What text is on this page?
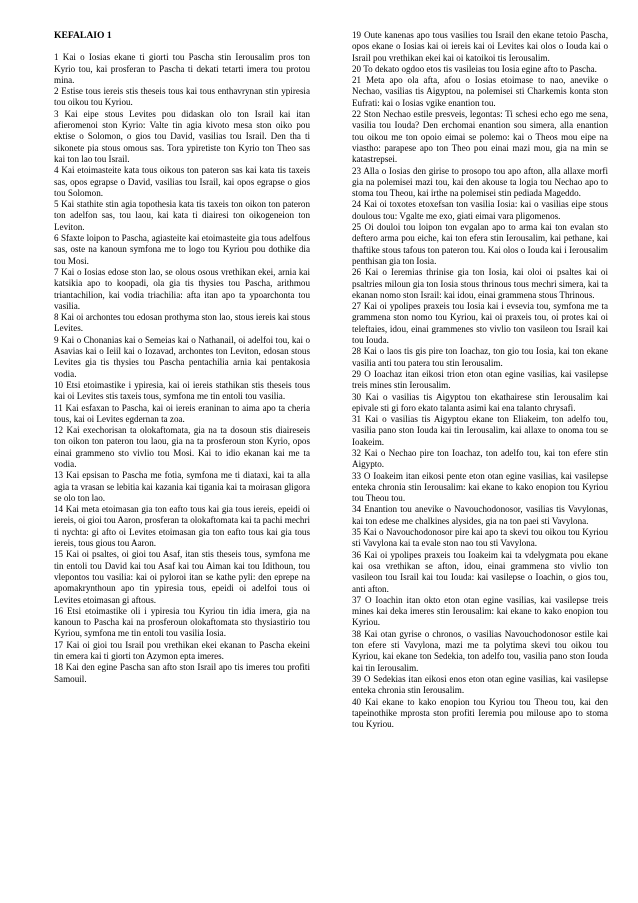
KEFALAIO 1

1 Kai o Iosias ekane ti giorti tou Pascha stin Ierousalim pros ton Kyrio tou, kai prosferan to Pascha ti dekati tetarti imera tou protou mina.

2 Estise tous iereis stis theseis tous kai tous enthavrynan stin ypiresia tou oikou tou Kyriou.

3 Kai eipe stous Levites pou didaskan olo ton Israil kai itan afieromenoi ston Kyrio: Valte tin agia kivoto mesa ston oiko pou ektise o Solomon, o gios tou David, vasilias tou Israil. Den tha ti sikonete pia stous omous sas. Tora ypiretiste ton Kyrio ton Theo sas kai ton lao tou Israil.

4 Kai etoimasteite kata tous oikous ton pateron sas kai kata tis taxeis sas, opos egrapse o David, vasilias tou Israil, kai opos egrapse o gios tou Solomon.

5 Kai stathite stin agia topothesia kata tis taxeis ton oikon ton pateron ton adelfon sas, tou laou, kai kata ti diairesi ton oikogeneion ton Leviton.

6 Sfaxte loipon to Pascha, agiasteite kai etoimasteite gia tous adelfous sas, oste na kanoun symfona me to logo tou Kyriou pou dothike dia tou Mosi.

7 Kai o Iosias edose ston lao, se olous osous vrethikan ekei, arnia kai katsikia apo to koopadi, ola gia tis thysies tou Pascha, arithmou triantachilion, kai vodia triachilia: afta itan apo ta ypoarchonta tou vasilia.

8 Kai oi archontes tou edosan prothyma ston lao, stous iereis kai stous Levites.

9 Kai o Chonanias kai o Semeias kai o Nathanail, oi adelfoi tou, kai o Asavias kai o Ieiil kai o Iozavad, archontes ton Leviton, edosan stous Levites gia tis thysies tou Pascha pentachilia arnia kai pentakosia vodia.

10 Etsi etoimastike i ypiresia, kai oi iereis stathikan stis theseis tous kai oi Levites stis taxeis tous, symfona me tin entoli tou vasilia.

11 Kai esfaxan to Pascha, kai oi iereis eraninan to aima apo ta cheria tous, kai oi Levites egdernan ta zoa.

12 Kai exechorisan ta olokaftomata, gia na ta dosoun stis diaireseis ton oikon ton pateron tou laou, gia na ta prosferoun ston Kyrio, opos einai grammeno sto vivlio tou Mosi. Kai to idio ekanan kai me ta vodia.

13 Kai epsisan to Pascha me fotia, symfona me ti diataxi, kai ta alla agia ta vrasan se lebitia kai kazania kai tigania kai ta moirasan gligora se olo ton lao.

14 Kai meta etoimasan gia ton eafto tous kai gia tous iereis, epeidi oi iereis, oi gioi tou Aaron, prosferan ta olokaftomata kai ta pachi mechri ti nychta: gi afto oi Levites etoimasan gia ton eafto tous kai gia tous iereis, tous giοus tou Aaron.

15 Kai oi psaltes, oi gioi tou Asaf, itan stis theseis tous, symfona me tin entoli tou David kai tou Asaf kai tou Aiman kai tou Idithoun, tou vlepontos tou vasilia: kai oi pyloroi itan se kathe pyli: den eprepe na apomakrynthoun apo tin ypiresia tous, epeidi oi adelfoi tous oi Levites etoimasan gi aftous.

16 Etsi etoimastike oli i ypiresia tou Kyriou tin idia imera, gia na kanoun to Pascha kai na prosferoun olokaftomata sto thysiastirio tou Kyriou, symfona me tin entoli tou vasilia Iosia.

17 Kai oi gioi tou Israil pou vrethikan ekei ekanan to Pascha ekeini tin emera kai ti giorti ton Azymon epta imeres.

18 Kai den egine Pascha san afto ston Israil apo tis imeres tou profiti Samouil.

19 Oute kanenas apo tous vasilies tou Israil den ekane tetoio Pascha, opos ekane o Iosias kai oi iereis kai oi Levites kai olos o Iouda kai o Israil pou vrethikan ekei kai oi katoikoi tis Ierousalim.

20 To dekato ogdoo etos tis vasileias tou Iosia egine afto to Pascha.

21 Meta apo ola afta, afou o Iosias etoimase to naο, anevike o Nechao, vasilias tis Aigyptou, na polemisei sti Charkemis konta ston Eufrati: kai o Iosias vgike enantion tou.

22 Ston Nechao estile presveis, legontas: Ti schesi echo ego me sena, vasilia tou Iouda? Den erchomai enantion sou simera, alla enantion tou oikou me ton opoio eimai se polemo: kai o Theos mou eipe na viastho: parapese apo ton Theo pou einai mazi mou, gia na min se katastrepsei.

23 Alla o Iosias den girise to prosopo tou apo afton, alla allaxe morfi gia na polemisei mazi tou, kai den akouse ta logia tou Nechao apo to stoma tou Theou, kai irthe na polemisei stin pediada Mageddo.

24 Kai oi toxotes etoxefsan ton vasilia Iosia: kai o vasilias eipe stous doulous tou: Vgalte me exo, giati eimai vara pligomenos.

25 Oi douloi tou loipon ton evgalan apo to arma kai ton evalan sto deftero arma pou eiche, kai ton efera stin Ierousalim, kai pethane, kai thaftike stous tafous ton pateron tou. Kai olos o Iouda kai i Ierousalim penthisan gia ton Iosia.

26 Kai o Ieremias thrinise gia ton Iosia, kai oloi oi psaltes kai oi psaltries miloun gia ton Iosia stous thrinous tous mechri simera, kai ta ekanan nomo ston Israil: kai idou, einai grammena stous Thrinous.

27 Kai oi ypolipes praxeis tou Iosia kai i evsevia tou, symfona me ta grammena ston nomo tou Kyriou, kai oi praxeis tou, oi protes kai oi teleftaies, idou, einai grammenes sto vivlio ton vasileon tou Israil kai tou Iouda.

28 Kai o laos tis gis pire ton Ioachaz, ton gio tou Iosia, kai ton ekane vasilia anti tou patera tou stin Ierousalim.

29 O Ioachaz itan eikosi trion eton otan egine vasilias, kai vasilepse treis mines stin Ierousalim.

30 Kai o vasilias tis Aigyptou ton ekathairese stin Ierousalim kai epivale sti gi forο ekato talanta asimi kai ena talanto chrysafi.

31 Kai o vasilias tis Aigyptou ekane ton Eliakeim, ton adelfo tou, vasilia pano ston Iouda kai tin Ierousalim, kai allaxe to onoma tou se Ioakeim.

32 Kai o Nechao pire ton Ioachaz, ton adelfo tou, kai ton efere stin Aigypto.

33 O Ioakeim itan eikosi pente eton otan egine vasilias, kai vasilepse enteka chronia stin Ierousalim: kai ekane to kako enopion tou Kyriou tou Theou tou.

34 Enantion tou anevike o Navouchodonosor, vasilias tis Vavylonas, kai ton edese me chalkines alysides, gia na ton paei sti Vavylona.

35 Kai o Navouchodonosor pire kai apo ta skevi tou oikou tou Kyriou sti Vavylona kai ta evale ston nao tou sti Vavylona.

36 Kai oi ypolipes praxeis tou Ioakeim kai ta vdelygmata pou ekane kai osa vrethikan se afton, idou, einai grammena sto vivlio ton vasileon tou Israil kai tou Iouda: kai vasilepse o Ioachin, o gios tou, anti afton.

37 O Ioachin itan okto eton otan egine vasilias, kai vasilepse treis mines kai deka imeres stin Ierousalim: kai ekane to kako enopion tou Kyriou.

38 Kai otan gyrise o chronos, o vasilias Navouchodonosor estile kai ton efere sti Vavylona, mazi me ta polytima skevi tou oikou tou Kyriou, kai ekane ton Sedekia, ton adelfo tou, vasilia pano ston Iouda kai tin Ierousalim.

39 O Sedekias itan eikosi enos eton otan egine vasilias, kai vasilepse enteka chronia stin Ierousalim.

40 Kai ekane to kako enopion tou Kyriou tou Theou tou, kai den tapeinothike mprosta ston profiti Ieremia pou milouse apo to stoma tou Kyriou.
